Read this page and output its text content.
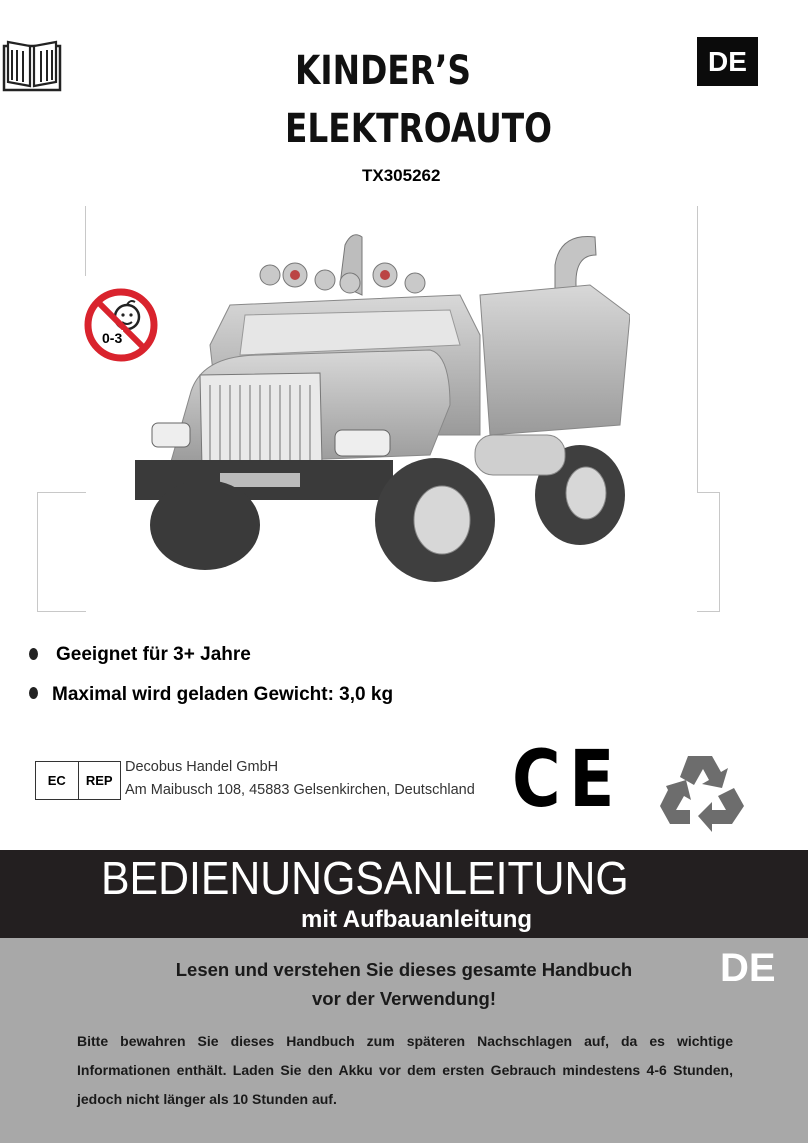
KINDER’S
ELEKTROAUTO
TX305262
DE
0-3
Geeignet für 3+ Jahre
Maximal wird geladen Gewicht: 3,0 kg
EC	REP
Decobus Handel GmbH
Am Maibusch 108, 45883 Gelsenkirchen, Deutschland CE
BEDIENUNGSANLEITUNG
mit Aufbauanleitung
DE
Lesen und verstehen Sie dieses gesamte Handbuch
vor der Verwendung!
Bitte bewahren Sie dieses Handbuch zum späteren Nachschlagen auf, da es wichtige Informationen enthält. Laden Sie den Akku vor dem ersten Gebrauch mindestens 4-6 Stunden, jedoch nicht länger als 10 Stunden auf.
